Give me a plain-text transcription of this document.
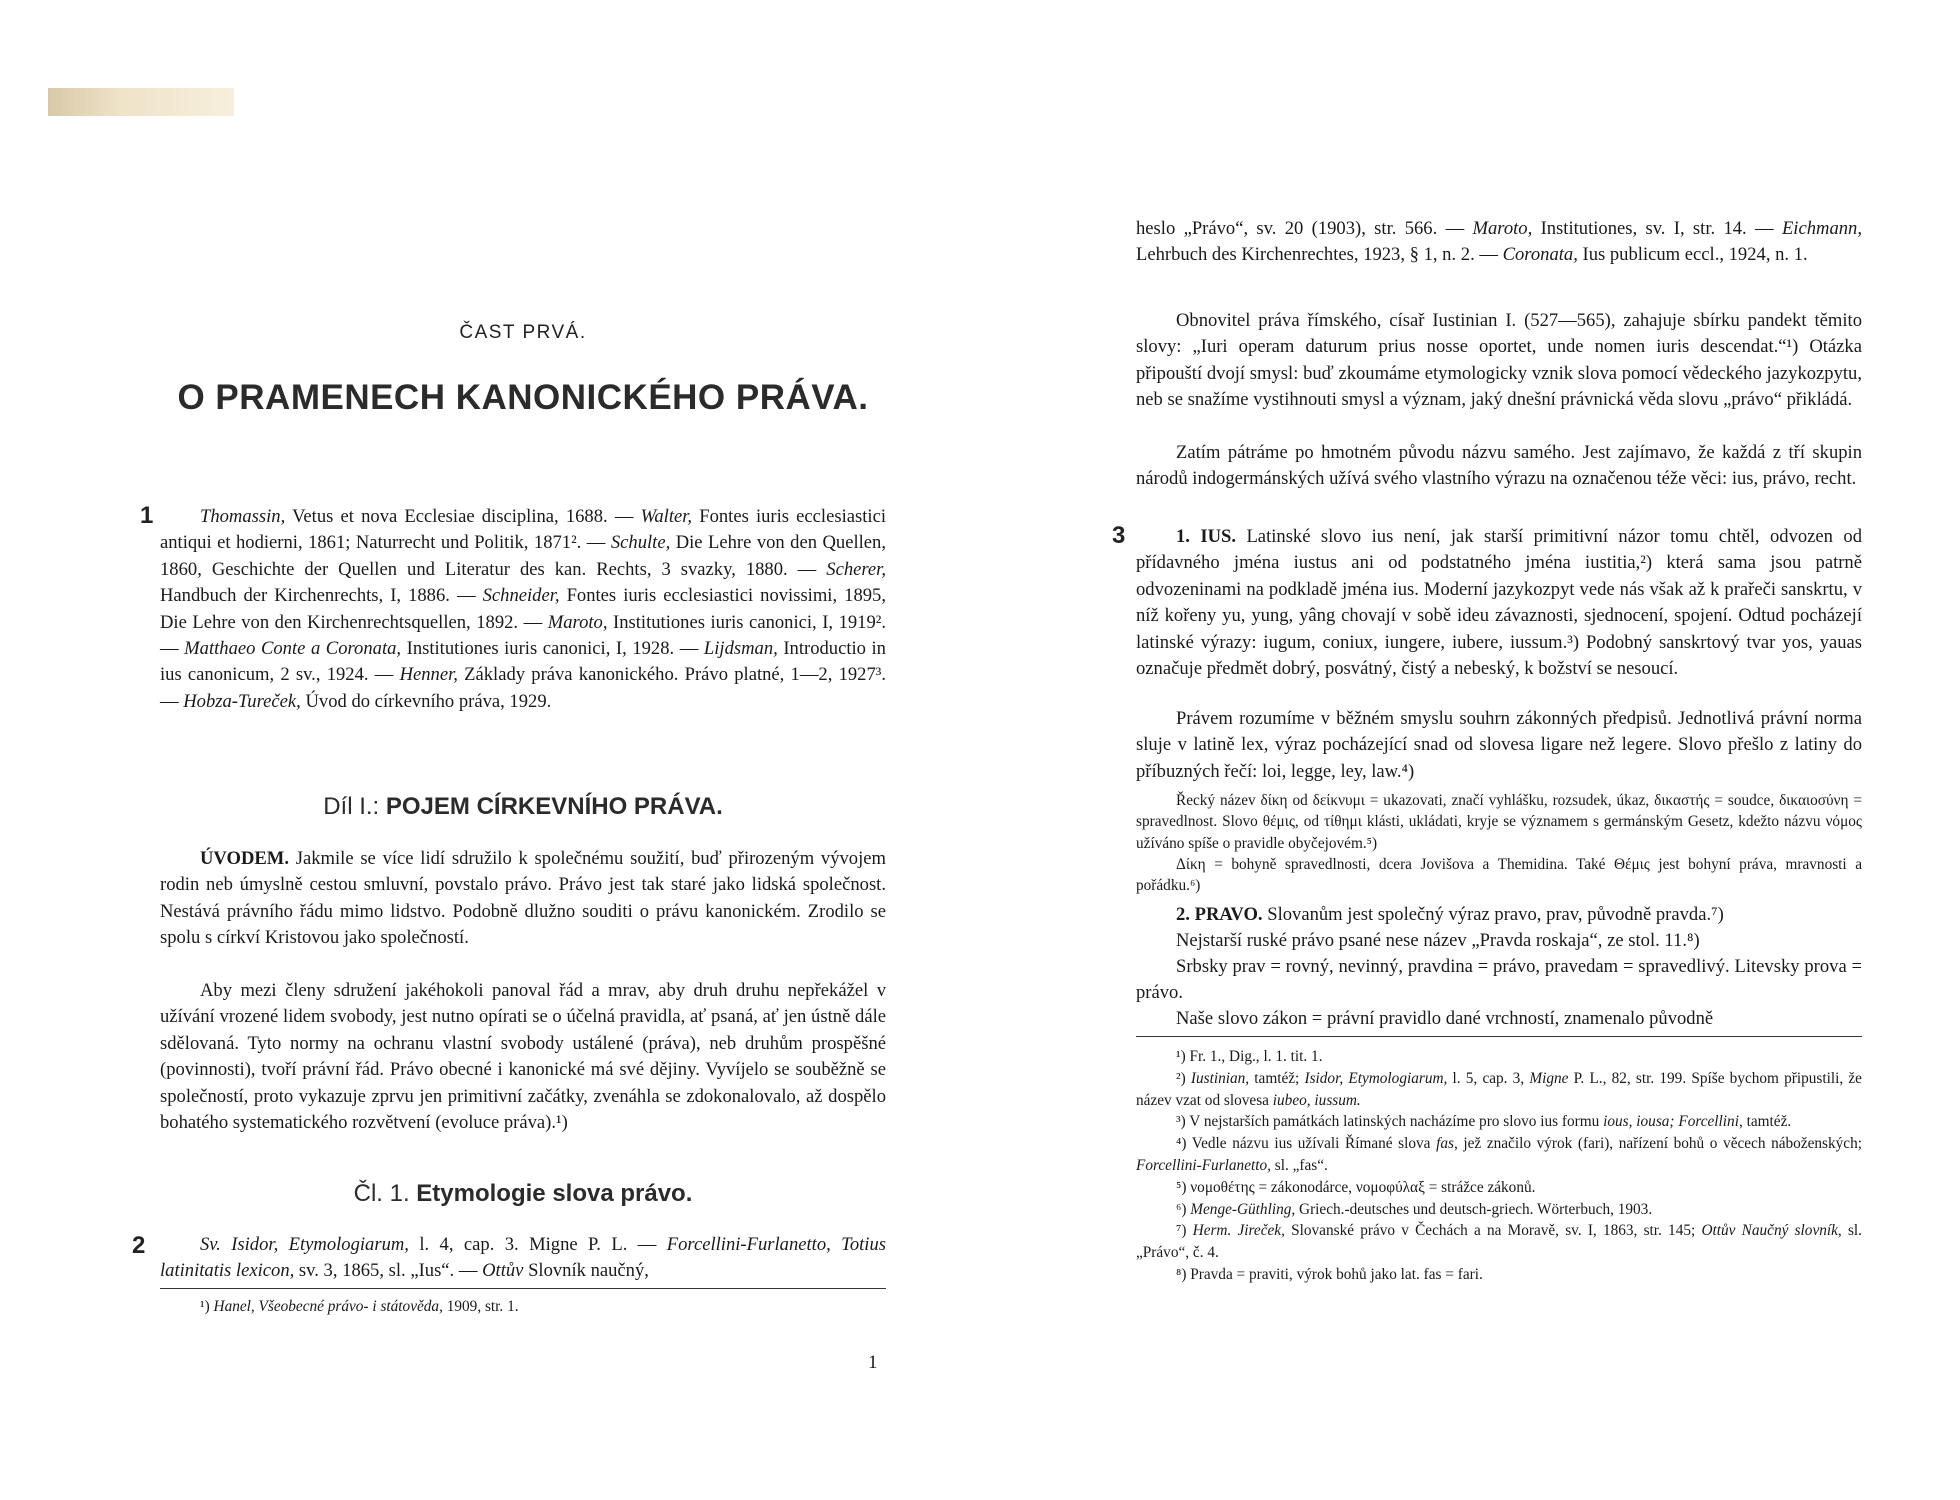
ČAST PRVÁ.
O PRAMENECH KANONICKÉHO PRÁVA.
1	Thomassin, Vetus et nova Ecclesiae disciplina, 1688. — Walter, Fontes iuris ecclesiastici antiqui et hodierni, 1861; Naturrecht und Politik, 1871². — Schulte, Die Lehre von den Quellen, 1860, Geschichte der Quellen und Literatur des kan. Rechts, 3 svazky, 1880. — Scherer, Handbuch der Kirchenrechts, I, 1886. — Schneider, Fontes iuris ecclesiastici novissimi, 1895, Die Lehre von den Kirchenrechtsquellen, 1892. — Maroto, Institutiones iuris canonici, I, 1919². — Matthaeo Conte a Coronata, Institutiones iuris canonici, I, 1928. — Lijdsman, Introductio in ius canonicum, 2 sv., 1924. — Henner, Základy práva kanonického. Právo platné, 1—2, 1927³. — Hobza-Tureček, Úvod do církevního práva, 1929.
Díl I.: POJEM CÍRKEVNÍHO PRÁVA.
ÚVODEM. Jakmile se více lidí sdružilo k společnému soužití, buď přirozeným vývojem rodin neb úmyslně cestou smluvní, povstalo právo. Právo jest tak staré jako lidská společnost. Nestává právního řádu mimo lidstvo. Podobně dlužno souditi o právu kanonickém. Zrodilo se spolu s církví Kristovou jako společností.
Aby mezi členy sdružení jakéhokoli panoval řád a mrav, aby druh druhu nepřekážel v užívání vrozené lidem svobody, jest nutno opírati se o účelná pravidla, ať psaná, ať jen ústně dále sdělovaná. Tyto normy na ochranu vlastní svobody ustálené (práva), neb druhům prospěšné (povinnosti), tvoří právní řád. Právo obecné i kanonické má své dějiny. Vyvíjelo se souběžně se společností, proto vykazuje zprvu jen primitivní začátky, zvenáhla se zdokonalovalo, až dospělo bohatého systematického rozvětvení (evoluce práva).¹)
Čl. 1. Etymologie slova právo.
2	Sv. Isidor, Etymologiarum, l. 4, cap. 3. Migne P. L. — Forcellini-Furlanetto, Totius latinitatis lexicon, sv. 3, 1865, sl. „Ius“. — Ottův Slovník naučný,

¹) Hanel, Všeobecné právo- i státověda, 1909, str. 1.

1
heslo „Právo“, sv. 20 (1903), str. 566. — Maroto, Institutiones, sv. I, str. 14. — Eichmann, Lehrbuch des Kirchenrechtes, 1923, § 1, n. 2. — Coronata, Ius publicum eccl., 1924, n. 1.
Obnovitel práva římského, císař Iustinian I. (527—565), zahajuje sbírku pandekt těmito slovy: „Iuri operam daturum prius nosse oportet, unde nomen iuris descendat.“¹) Otázka připouští dvojí smysl: buď zkoumáme etymologicky vznik slova pomocí vědeckého jazykozpytu, neb se snažíme vystihnouti smysl a význam, jaký dnešní právnická věda slovu „právo“ přikládá.
Zatím pátráme po hmotném původu názvu samého. Jest zajímavo, že každá z tří skupin národů indogermánských užívá svého vlastního výrazu na označenou téže věci: ius, právo, recht.
3	1. IUS. Latinské slovo ius není, jak starší primitivní názor tomu chtěl, odvozen od přídavného jména iustus ani od podstatného jména iustitia,²) která sama jsou patrně odvozeninami na podkladě jména ius. Moderní jazykozpyt vede nás však až k prařeči sanskrtu, v níž kořeny yu, yung, yâng chovají v sobě ideu závaznosti, sjednocení, spojení. Odtud pocházejí latinské výrazy: iugum, coniux, iungere, iubere, iussum.³) Podobný sanskrtový tvar yos, yauas označuje předmět dobrý, posvátný, čistý a nebeský, k božství se nesoucí.
Právem rozumíme v běžném smyslu souhrn zákonných předpisů. Jednotlivá právní norma sluje v latině lex, výraz pocházející snad od slovesa ligare než legere. Slovo přešlo z latiny do příbuzných řečí: loi, legge, ley, law.⁴)
Řecký název δίκη od δείκνυμι = ukazovati, značí vyhlášku, rozsudek, úkaz, δικαστής = soudce, δικαιοσύνη = spravedlnost. Slovo θέμις, od τίθημι klásti, ukládati, kryje se významem s germánským Gesetz, kdežto názvu νόμος užíváno spíše o pravidle obyčejovém.⁵)
Δίκη = bohyně spravedlnosti, dcera Jovišova a Themidina. Také Θέμις jest bohyní práva, mravnosti a pořádku.⁶)
2. PRAVO. Slovanům jest společný výraz pravo, prav, původně pravda.⁷)
Nejstarší ruské právo psané nese název „Pravda roskaja“, ze stol. 11.⁸)
Srbsky prav = rovný, nevinný, pravdina = právo, pravedam = spravedlivý. Litevsky prova = právo.
Naše slovo zákon = právní pravidlo dané vrchností, znamenalo původně

¹) Fr. 1., Dig., l. 1. tit. 1.

²) Iustinian, tamtéž; Isidor, Etymologiarum, l. 5, cap. 3, Migne P. L., 82, str. 199. Spíše bychom připustili, že název vzat od slovesa iubeo, iussum.

³) V nejstarších památkách latinských nacházíme pro slovo ius formu ious, iousa; Forcellini, tamtéž.

⁴) Vedle názvu ius užívali Římané slova fas, jež značilo výrok (fari), nařízení bohů o věcech náboženských; Forcellini-Furlanetto, sl. „fas“.

⁵) νομοθέτης = zákonodárce, νομοφύλαξ = strážce zákonů.

⁶) Menge-Güthling, Griech.-deutsches und deutsch-griech. Wörterbuch, 1903.

⁷) Herm. Jireček, Slovanské právo v Čechách a na Moravě, sv. I, 1863, str. 145; Ottův Naučný slovník, sl. „Právo“, č. 4.

⁸) Pravda = praviti, výrok bohů jako lat. fas = fari.
